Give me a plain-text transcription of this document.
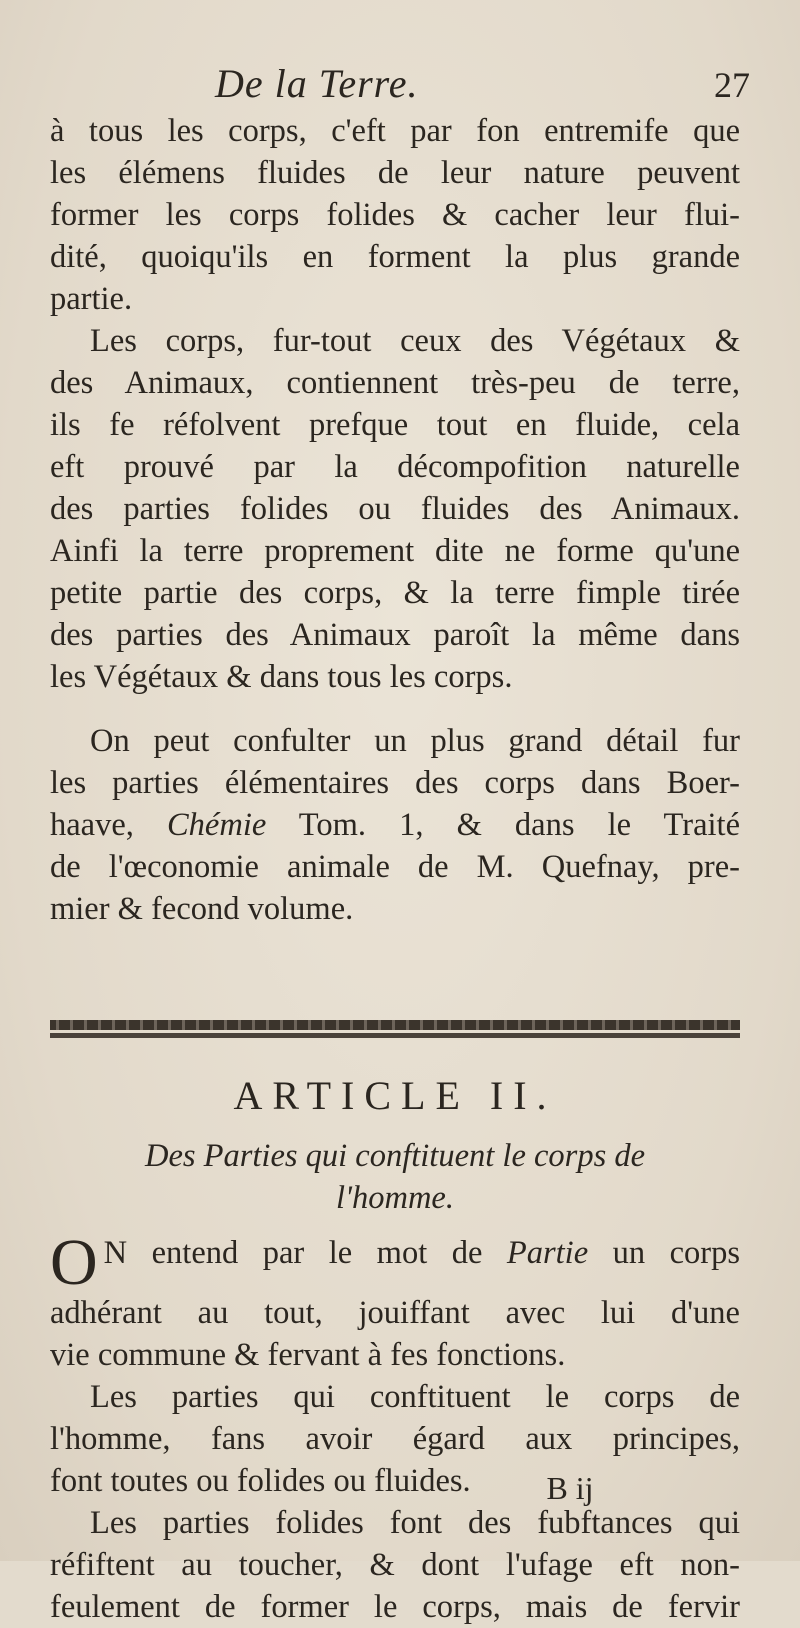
De la Terre.	27

à tous les corps, c'eft par fon entremife que
les élémens fluides de leur nature peuvent
former les corps folides & cacher leur flui-
dité, quoiqu'ils en forment la plus grande
partie.

Les corps, fur-tout ceux des Végétaux &
des Animaux, contiennent très-peu de terre,
ils fe réfolvent prefque tout en fluide, cela
eft prouvé par la décompofition naturelle
des parties folides ou fluides des Animaux.
Ainfi la terre proprement dite ne forme qu'une
petite partie des corps, & la terre fimple tirée
des parties des Animaux paroît la même dans
les Végétaux & dans tous les corps.

On peut confulter un plus grand détail fur
les parties élémentaires des corps dans Boer-
haave, Chémie Tom. 1, & dans le Traité
de l'œconomie animale de M. Quefnay, pre-
mier & fecond volume.

ARTICLE II.
Des Parties qui conftituent le corps de
l'homme.

O N entend par le mot de Partie un corps
adhérant au tout, jouiffant avec lui d'une
vie commune & fervant à fes fonctions.

Les parties qui conftituent le corps de
l'homme, fans avoir égard aux principes,
font toutes ou folides ou fluides.

Les parties folides font des fubftances qui
réfiftent au toucher, & dont l'ufage eft non-
feulement de former le corps, mais de fervir

B ij
